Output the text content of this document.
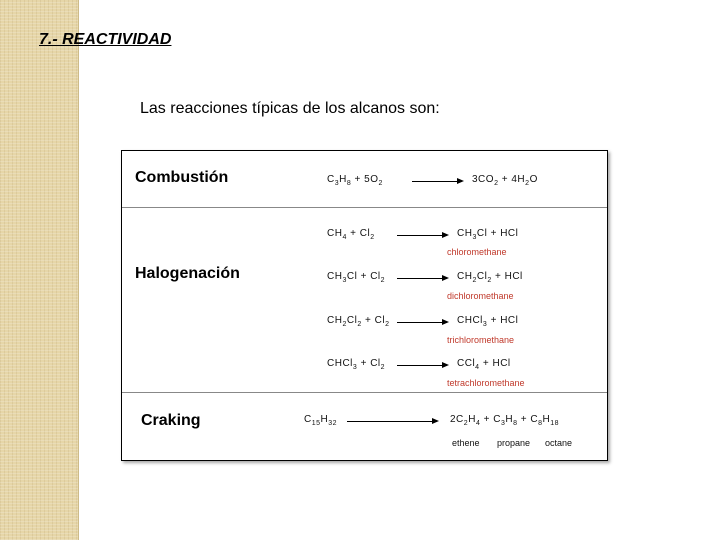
7.- REACTIVIDAD
Las reacciones típicas de los alcanos son:
Combustión	$C_3H_8 + 5O_2$	$3CO_2 + 4H_2O$
Halogenación
$CH_4 + Cl_2$	$CH_3Cl$ + HCl
chloromethane
$CH_3Cl + Cl_2$	$CH_2Cl_2$ + HCl
dichloromethane
$CH_2Cl_2 + Cl_2$	CHCl$_3$ + HCl
trichloromethane
CHCl$_3$ + $Cl_2$	CCl$_4$ + HCl
tetrachloromethane
Craking	$C_{15}H_{32}$	$2C_2H_4 + C_3H_8 + C_8H_{18}$
ethene propane octane
